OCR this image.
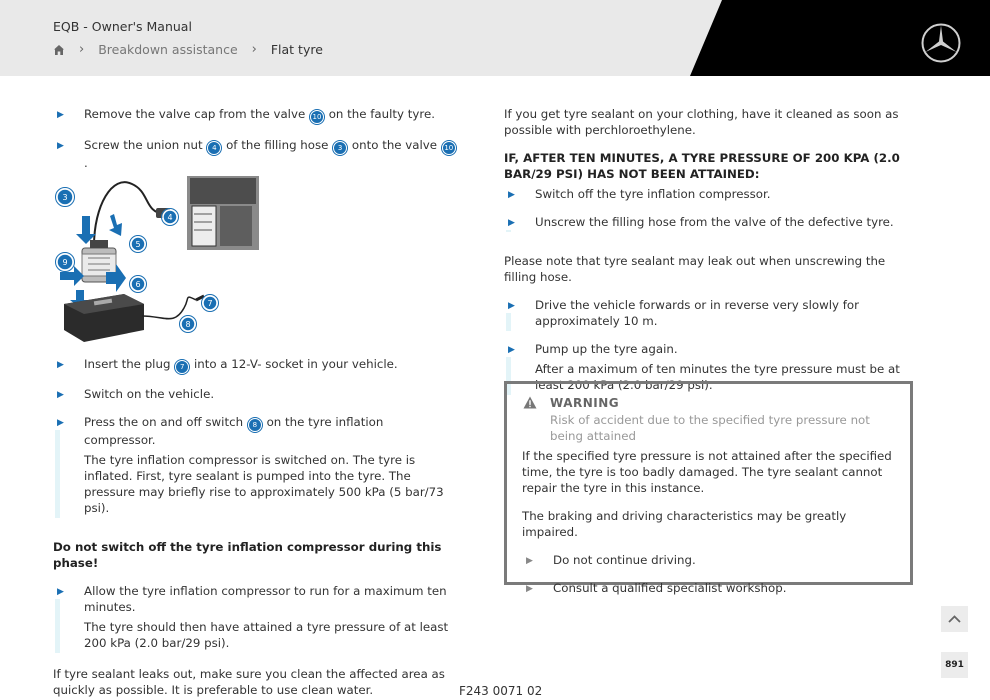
EQB - Owner's Manual
› Breakdown assistance › Flat tyre
▶ Remove the valve cap from the valve 10 on the faulty tyre.
▶ Screw the union nut 4 of the filling hose 3 onto the valve 10.
3
4
5
9
6
7
8
▶ Insert the plug 7 into a 12-V- socket in your vehicle.
▶ Switch on the vehicle.
▶ Press the on and off switch 8 on the tyre inflation compressor.
The tyre inflation compressor is switched on. The tyre is inflated. First, tyre sealant is pumped into the tyre. The pressure may briefly rise to approximately 500 kPa (5 bar/73 psi).
Do not switch off the tyre inflation compressor during this phase!
▶ Allow the tyre inflation compressor to run for a maximum ten minutes.
The tyre should then have attained a tyre pressure of at least 200 kPa (2.0 bar/29 psi).
If tyre sealant leaks out, make sure you clean the affected area as quickly as possible. It is preferable to use clean water.
If you get tyre sealant on your clothing, have it cleaned as soon as possible with perchloroethylene.
IF, AFTER TEN MINUTES, A TYRE PRESSURE OF 200 KPA (2.0 BAR/29 PSI) HAS NOT BEEN ATTAINED:
▶ Switch off the tyre inflation compressor.
▶ Unscrew the filling hose from the valve of the defective tyre.
Please note that tyre sealant may leak out when unscrewing the filling hose.
▶ Drive the vehicle forwards or in reverse very slowly for approximately 10 m.
▶ Pump up the tyre again.
After a maximum of ten minutes the tyre pressure must be at least 200 kPa (2.0 bar/29 psi).
WARNING
Risk of accident due to the specified tyre pressure not being attained
If the specified tyre pressure is not attained after the specified time, the tyre is too badly damaged. The tyre sealant cannot repair the tyre in this instance.
The braking and driving characteristics may be greatly impaired.
▶ Do not continue driving.
▶ Consult a qualified specialist workshop.
891
F243 0071 02
